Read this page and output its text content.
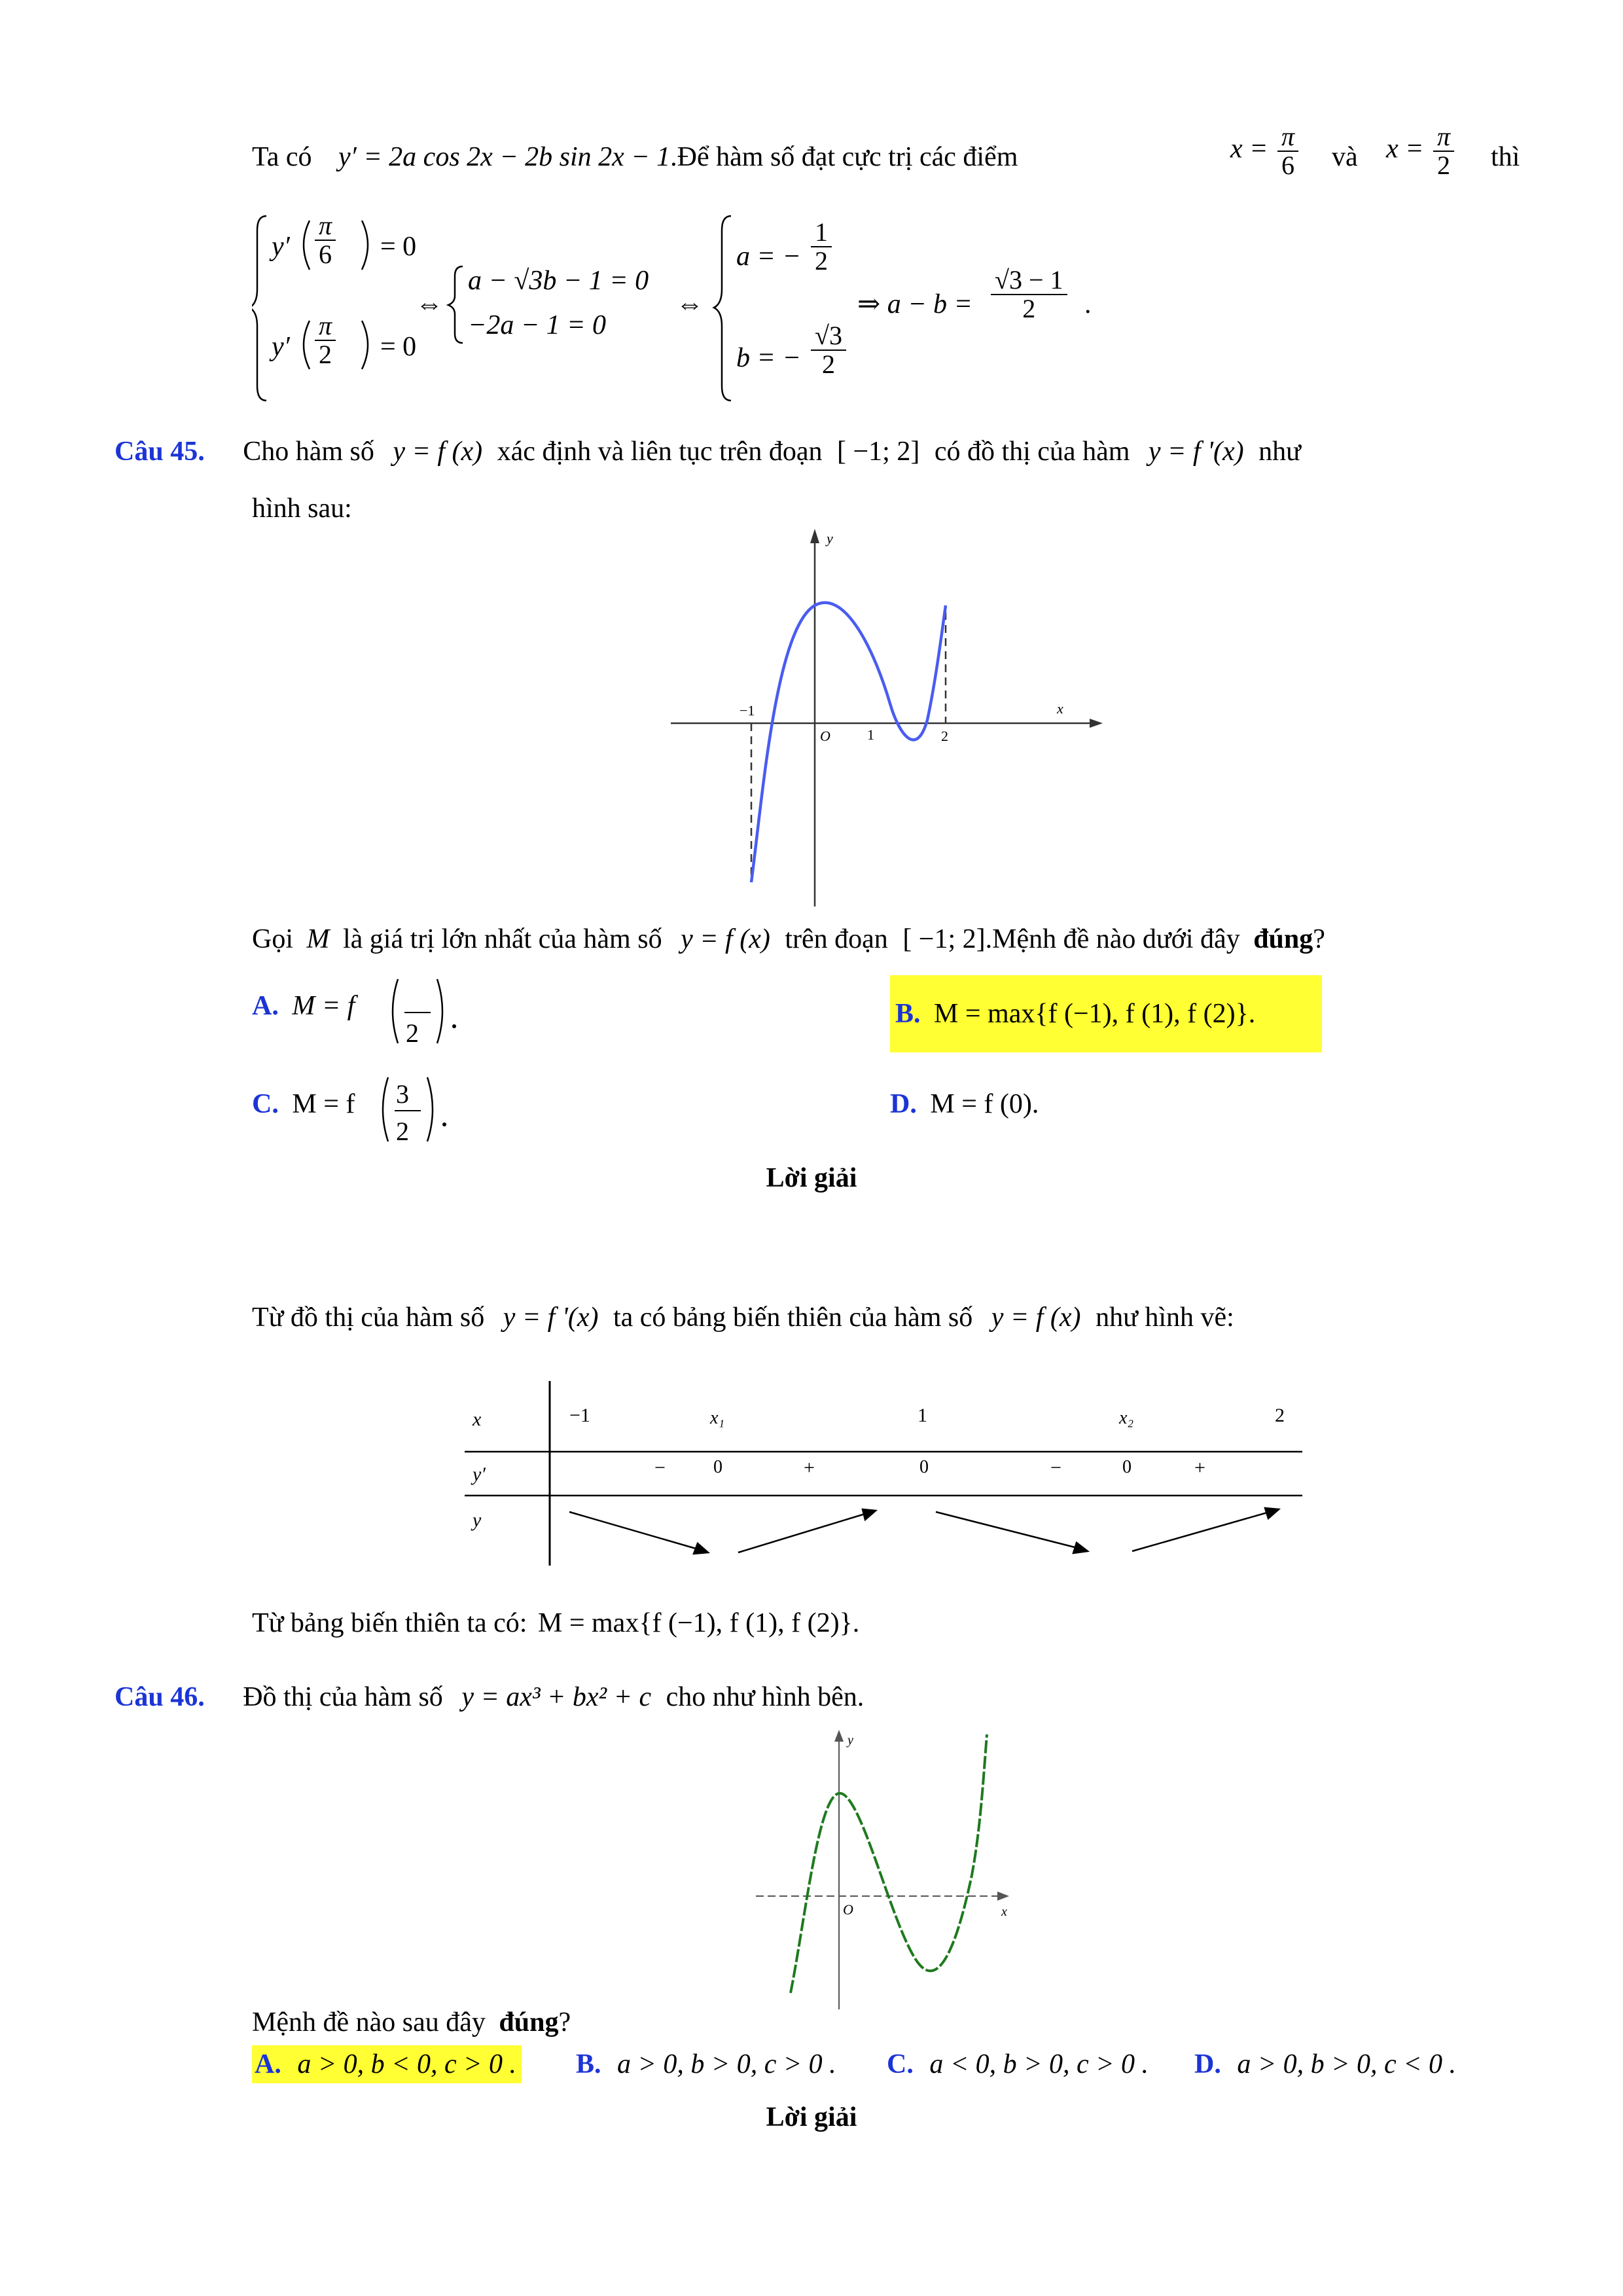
Ta có y′ = 2a cos 2x − 2b sin 2x − 1.Để hàm số đạt cực trị các điểm	$x = \frac{\pi}{6}$ và $x = \frac{\pi}{2}$ thì
$y' \frac{\pi}{6} = 0$
$y' \frac{\pi}{2} = 0$
⇔
a − √3b − 1 = 0
−2a − 1 = 0
⇔
a = − $\frac{1}{2}$
b = − $\frac{√3}{2}$
⇒ $a - b = \frac{√3 - 1}{2}$ .
Câu 45. Cho hàm số y = f (x) xác định và liên tục trên đoạn [ −1; 2] có đồ thị của hàm y = f '(x) như
hình sau:
y
x
−1
O	1	2
Gọi M là giá trị lớn nhất của hàm số y = f (x) trên đoạn [ −1; 2].Mệnh đề nào dưới đây đúng?
A. M = f
2
B. M = max{f (−1), f (1), f (2)}.
C. M = f 3
2
D. M = f (0).
Lời giải
Từ đồ thị của hàm số y = f '(x) ta có bảng biến thiên của hàm số y = f (x) như hình vẽ:
x
y′
y
−1	x₁	1	x₂	2
−	0	+	0	−	0	+
Từ bảng biến thiên ta có: M = max{f (−1), f (1), f (2)}.
Câu 46. Đồ thị của hàm số y = ax³ + bx² + c cho như hình bên.
y
x
O
Mệnh đề nào sau đây đúng?
A. a > 0, b < 0, c > 0 . B. a > 0, b > 0, c > 0 . C. a < 0, b > 0, c > 0 . D. a > 0, b > 0, c < 0 .
Lời giải
